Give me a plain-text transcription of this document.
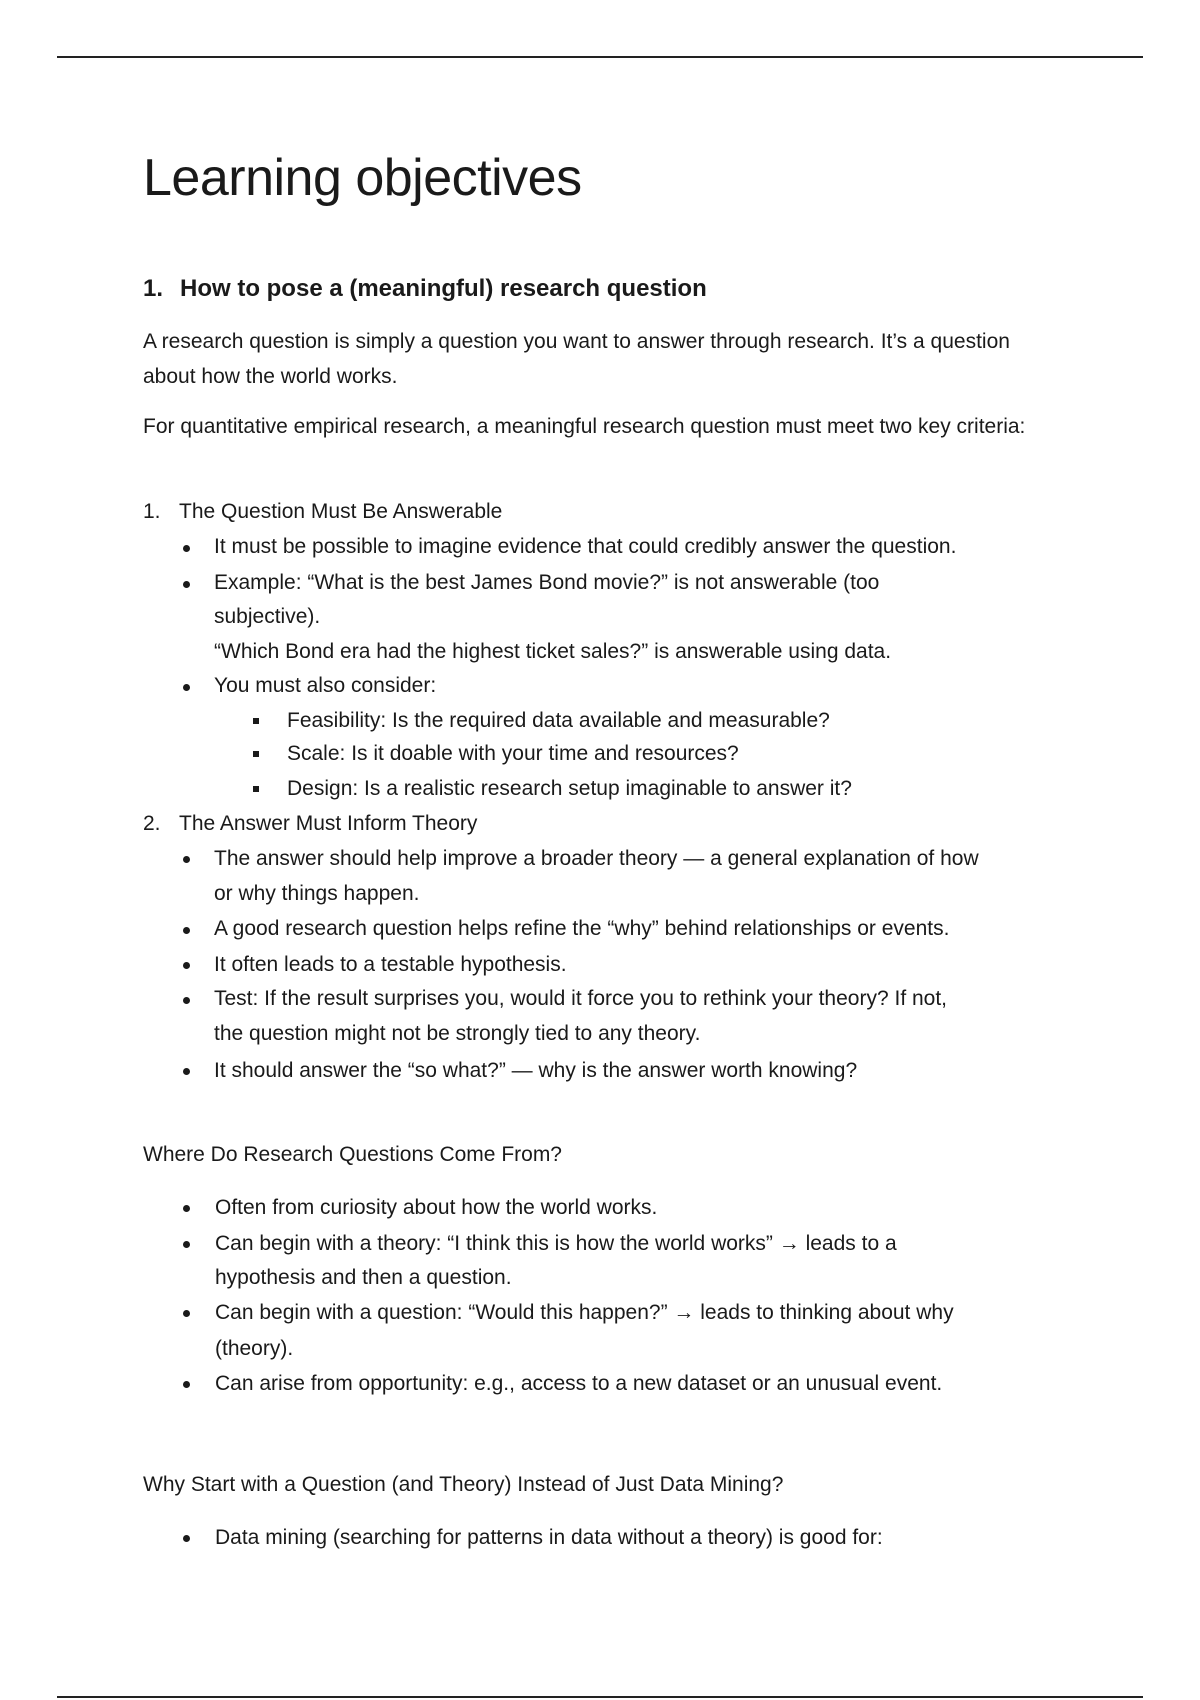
Learning objectives
1. How to pose a (meaningful) research question

A research question is simply a question you want to answer through research. It’s a question about how the world works.

For quantitative empirical research, a meaningful research question must meet two key criteria:

1. The Question Must Be Answerable
It must be possible to imagine evidence that could credibly answer the question.
Example: “What is the best James Bond movie?” is not answerable (too
subjective).
“Which Bond era had the highest ticket sales?” is answerable using data.
You must also consider:
Feasibility: Is the required data available and measurable?
Scale: Is it doable with your time and resources?
Design: Is a realistic research setup imaginable to answer it?
2. The Answer Must Inform Theory
The answer should help improve a broader theory — a general explanation of how
or why things happen.
A good research question helps refine the “why” behind relationships or events.
It often leads to a testable hypothesis.
Test: If the result surprises you, would it force you to rethink your theory? If not,
the question might not be strongly tied to any theory.
It should answer the “so what?” — why is the answer worth knowing?
Where Do Research Questions Come From?
Often from curiosity about how the world works.
Can begin with a theory: “I think this is how the world works” → leads to a
hypothesis and then a question.
Can begin with a question: “Would this happen?” → leads to thinking about why
(theory).
Can arise from opportunity: e.g., access to a new dataset or an unusual event.
Why Start with a Question (and Theory) Instead of Just Data Mining?
Data mining (searching for patterns in data without a theory) is good for:
